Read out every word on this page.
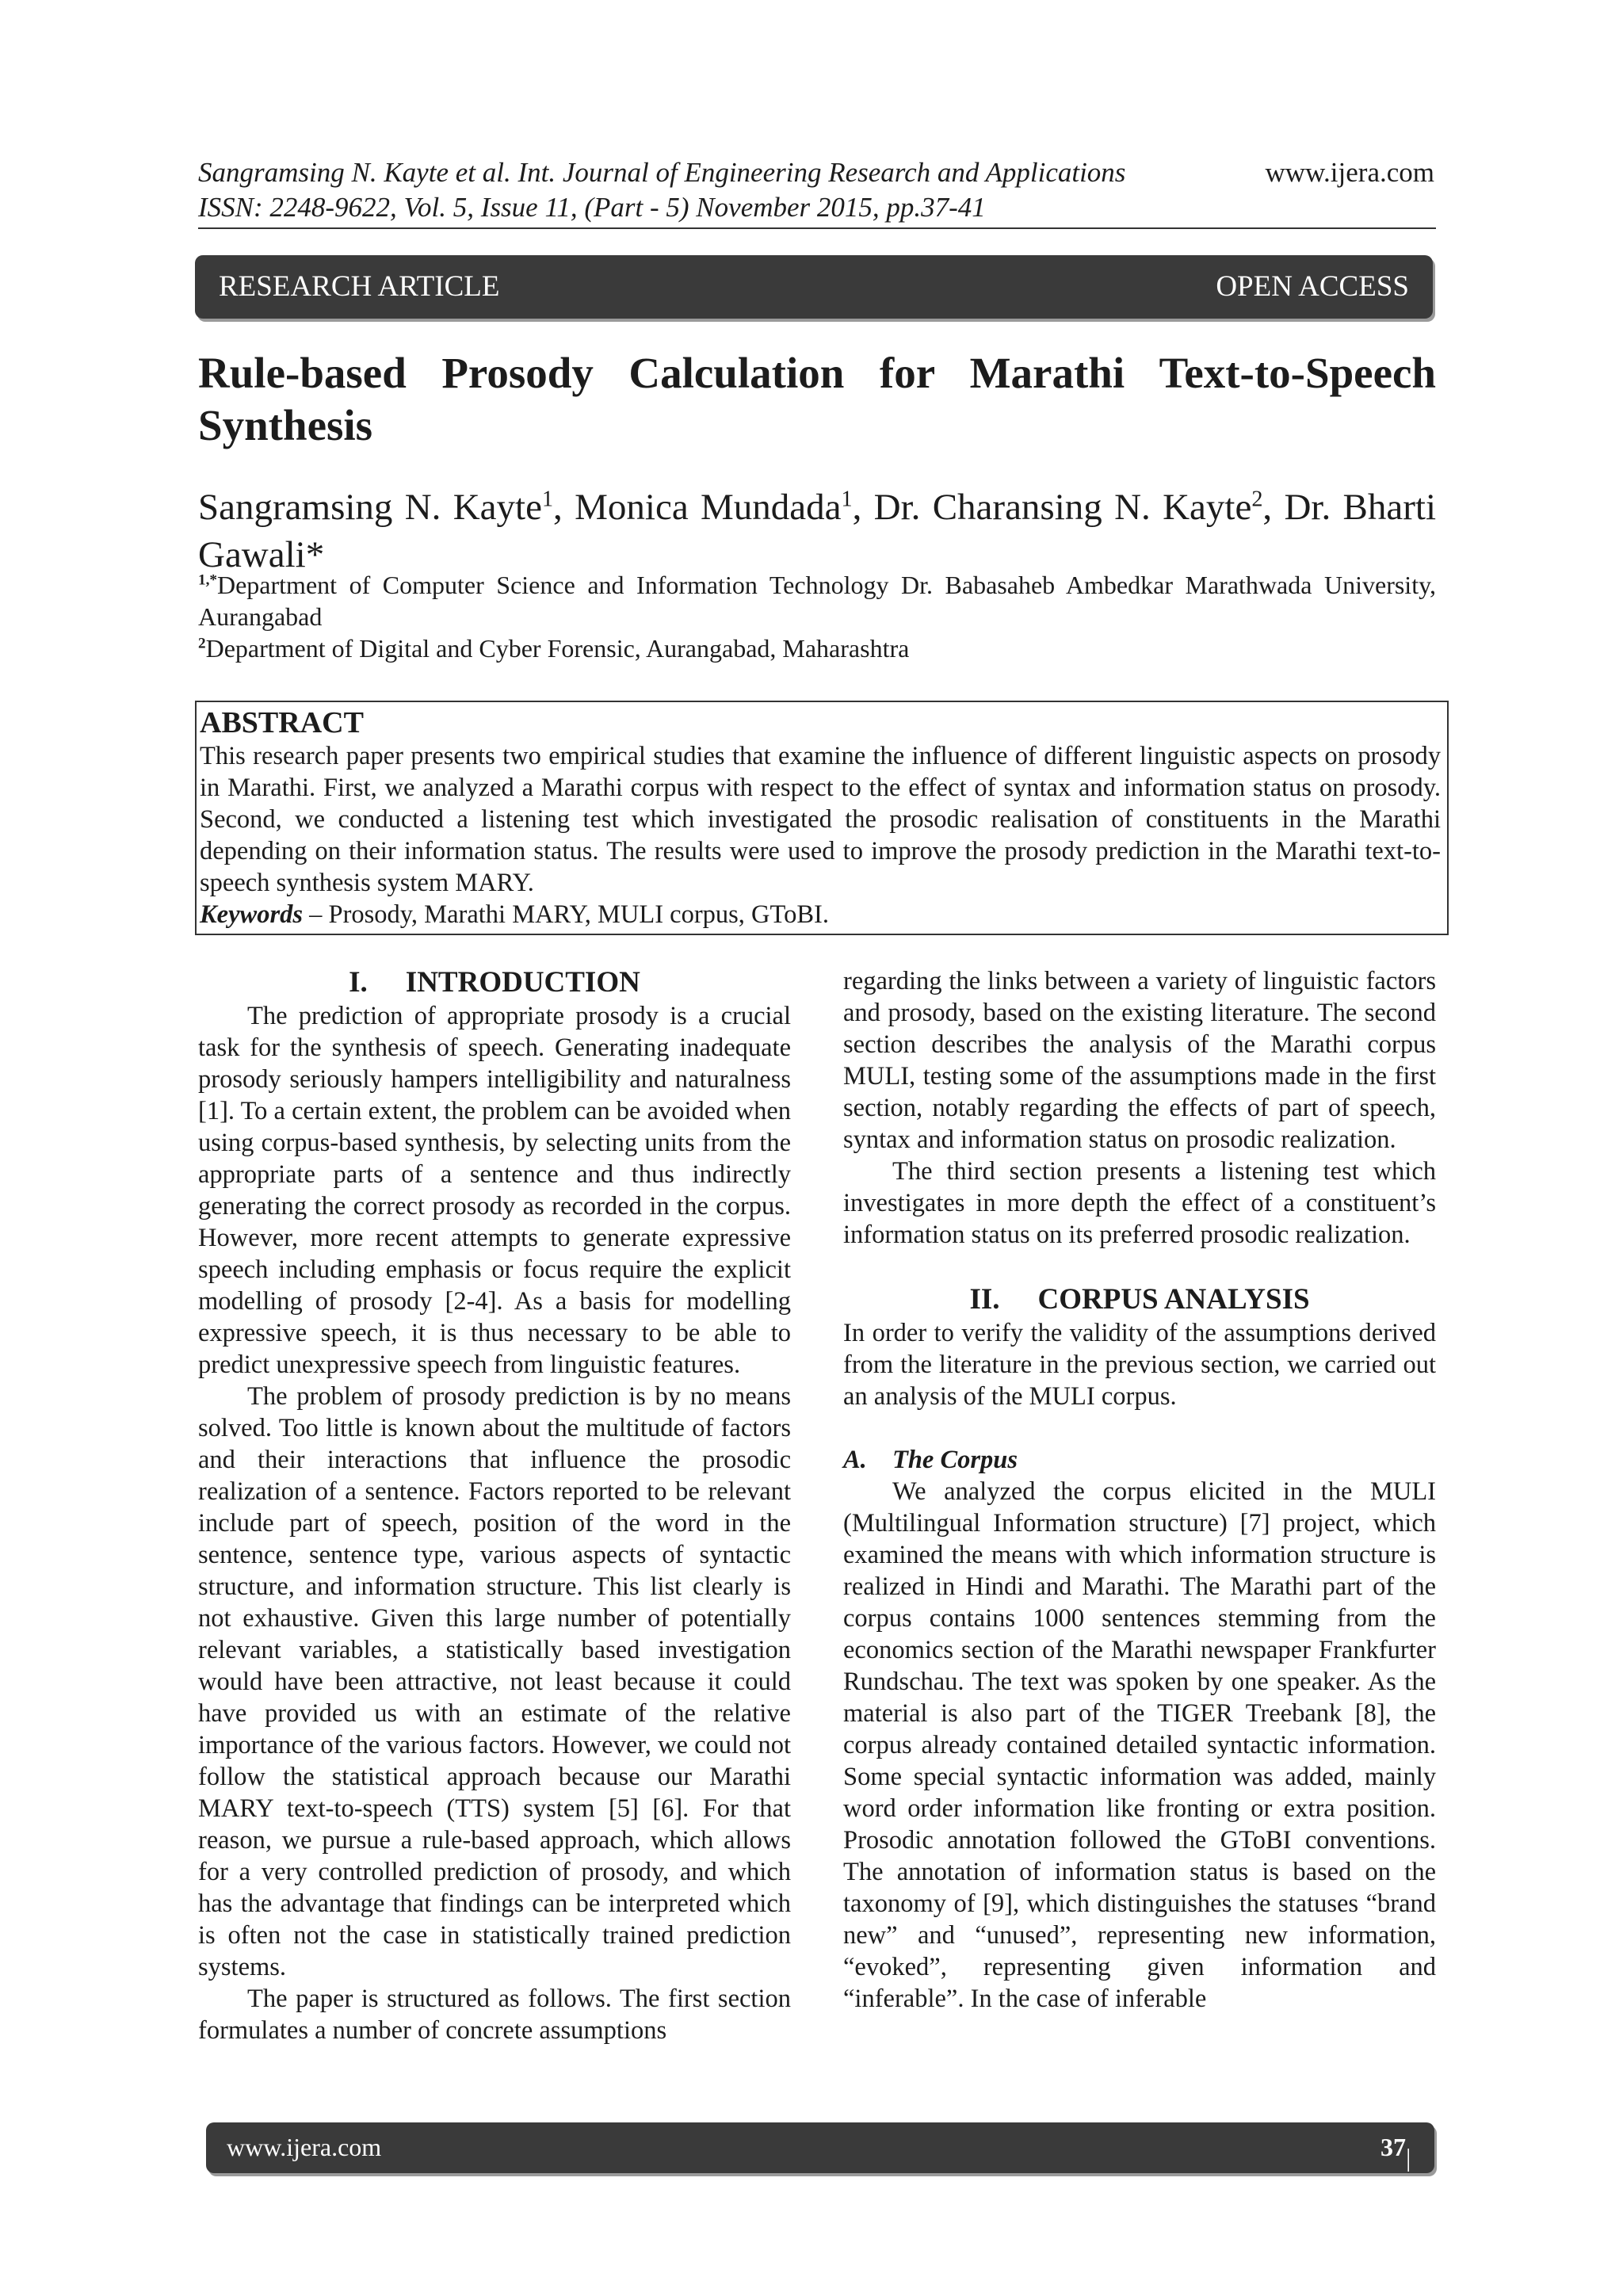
Sangramsing N. Kayte et al. Int. Journal of Engineering Research and Applications	www.ijera.com
ISSN: 2248-9622, Vol. 5, Issue 11, (Part - 5) November 2015, pp.37-41
RESEARCH ARTICLE	OPEN ACCESS
Rule-based Prosody Calculation for Marathi Text-to-Speech Synthesis
Sangramsing N. Kayte$^1$, Monica Mundada$^1$, Dr. Charansing N. Kayte$^2$, Dr. Bharti Gawali*

$^{1,*}$Department of Computer Science and Information Technology Dr. Babasaheb Ambedkar Marathwada University, Aurangabad

$^2$Department of Digital and Cyber Forensic, Aurangabad, Maharashtra

ABSTRACT

This research paper presents two empirical studies that examine the influence of different linguistic aspects on prosody in Marathi. First, we analyzed a Marathi corpus with respect to the effect of syntax and information status on prosody. Second, we conducted a listening test which investigated the prosodic realisation of constituents in the Marathi depending on their information status. The results were used to improve the prosody prediction in the Marathi text-to-speech synthesis system MARY.

Keywords – Prosody, Marathi MARY, MULI corpus, GToBI.

I. INTRODUCTION

The prediction of appropriate prosody is a crucial task for the synthesis of speech. Generating inadequate prosody seriously hampers intelligibility and naturalness [1]. To a certain extent, the problem can be avoided when using corpus-based synthesis, by selecting units from the appropriate parts of a sentence and thus indirectly generating the correct prosody as recorded in the corpus. However, more recent attempts to generate expressive speech including emphasis or focus require the explicit modelling of prosody [2-4]. As a basis for modelling expressive speech, it is thus necessary to be able to predict unexpressive speech from linguistic features.

The problem of prosody prediction is by no means solved. Too little is known about the multitude of factors and their interactions that influence the prosodic realization of a sentence. Factors reported to be relevant include part of speech, position of the word in the sentence, sentence type, various aspects of syntactic structure, and information structure. This list clearly is not exhaustive. Given this large number of potentially relevant variables, a statistically based investigation would have been attractive, not least because it could have provided us with an estimate of the relative importance of the various factors. However, we could not follow the statistical approach because our Marathi MARY text-to-speech (TTS) system [5] [6]. For that reason, we pursue a rule-based approach, which allows for a very controlled prediction of prosody, and which has the advantage that findings can be interpreted which is often not the case in statistically trained prediction systems.

The paper is structured as follows. The first section formulates a number of concrete assumptions

regarding the links between a variety of linguistic factors and prosody, based on the existing literature. The second section describes the analysis of the Marathi corpus MULI, testing some of the assumptions made in the first section, notably regarding the effects of part of speech, syntax and information status on prosodic realization.

The third section presents a listening test which investigates in more depth the effect of a constituent’s information status on its preferred prosodic realization.

II. CORPUS ANALYSIS

In order to verify the validity of the assumptions derived from the literature in the previous section, we carried out an analysis of the MULI corpus.

A. The Corpus

We analyzed the corpus elicited in the MULI (Multilingual Information structure) [7] project, which examined the means with which information structure is realized in Hindi and Marathi. The Marathi part of the corpus contains 1000 sentences stemming from the economics section of the Marathi newspaper Frankfurter Rundschau. The text was spoken by one speaker. As the material is also part of the TIGER Treebank [8], the corpus already contained detailed syntactic information. Some special syntactic information was added, mainly word order information like fronting or extra position. Prosodic annotation followed the GToBI conventions. The annotation of information status is based on the taxonomy of [9], which distinguishes the statuses “brand new” and “unused”, representing new information, “evoked”, representing given information and “inferable”. In the case of inferable

www.ijera.com	37 | P a g e
